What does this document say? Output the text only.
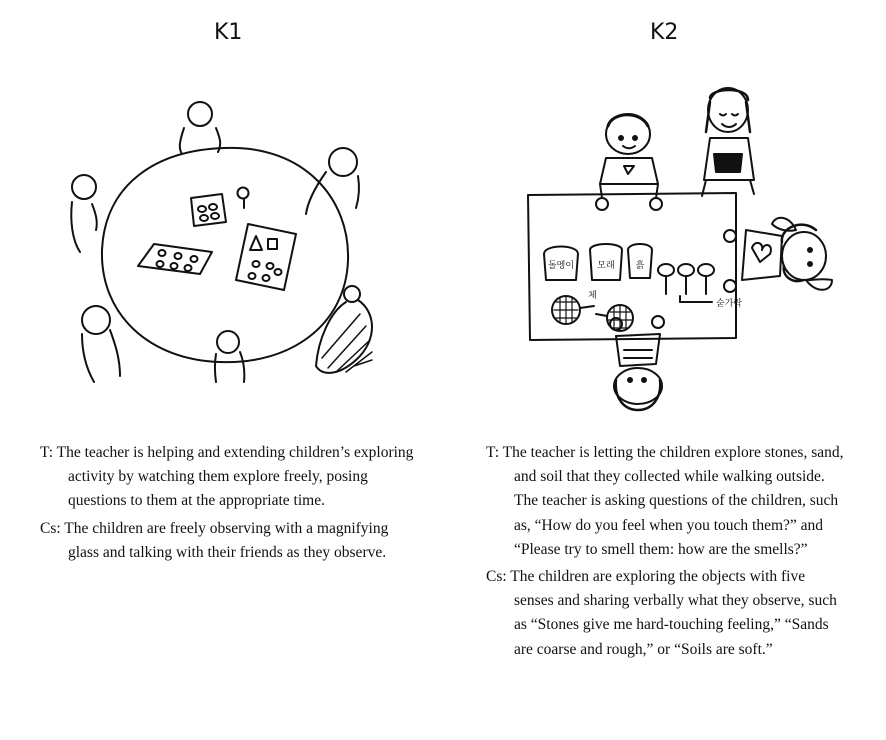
K1	K2
돌멩이	모래 흙
숟가락
체

T: The teacher is helping and extending children’s exploring activity by watching them explore freely, posing questions to them at the appropriate time.

Cs: The children are freely observing with a magnifying glass and talking with their friends as they observe.

T: The teacher is letting the children explore stones, sand, and soil that they collected while walking outside. The teacher is asking questions of the children, such as, “How do you feel when you touch them?” and “Please try to smell them: how are the smells?”

Cs: The children are exploring the objects with five senses and sharing verbally what they observe, such as “Stones give me hard-touching feeling,” “Sands are coarse and rough,” or “Soils are soft.”
